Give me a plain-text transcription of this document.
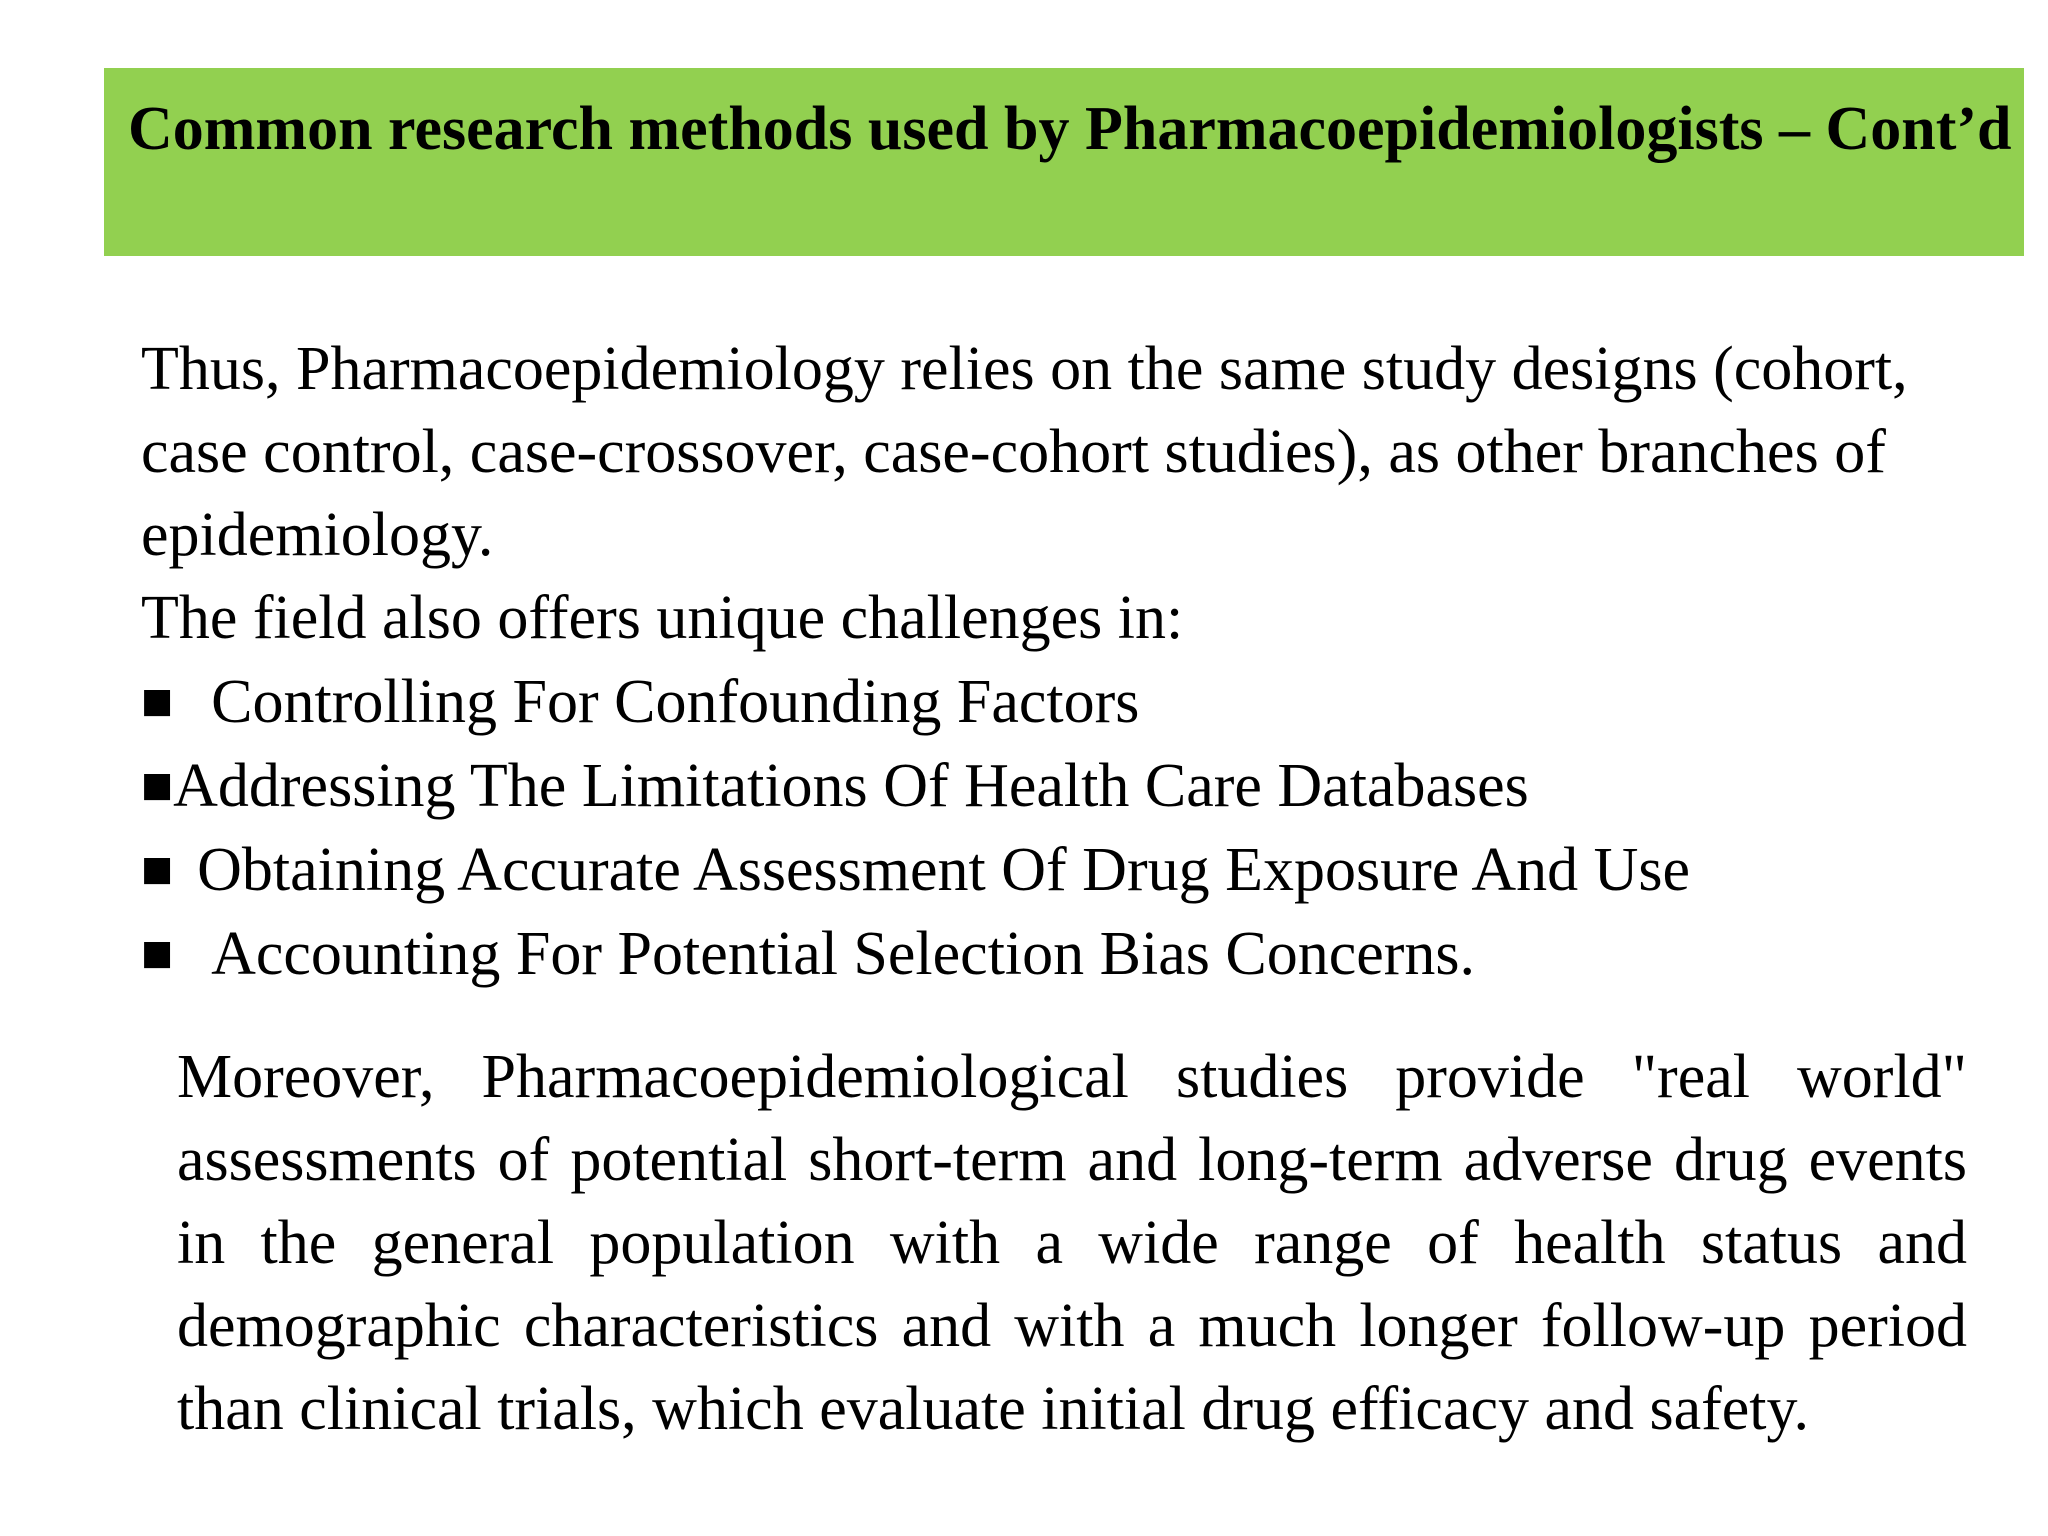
Common research methods used by Pharmacoepidemiologists – Cont’d

Thus, Pharmacoepidemiology relies on the same study designs (cohort, case control, case-crossover, case-cohort studies), as other branches of epidemiology.

The field also offers unique challenges in:

■ Controlling For Confounding Factors
■Addressing The Limitations Of Health Care Databases
■ Obtaining Accurate Assessment Of Drug Exposure And Use
■ Accounting For Potential Selection Bias Concerns.

Moreover, Pharmacoepidemiological studies provide "real world" assessments of potential short-term and long-term adverse drug events in the general population with a wide range of health status and demographic characteristics and with a much longer follow-up period than clinical trials, which evaluate initial drug efficacy and safety.
